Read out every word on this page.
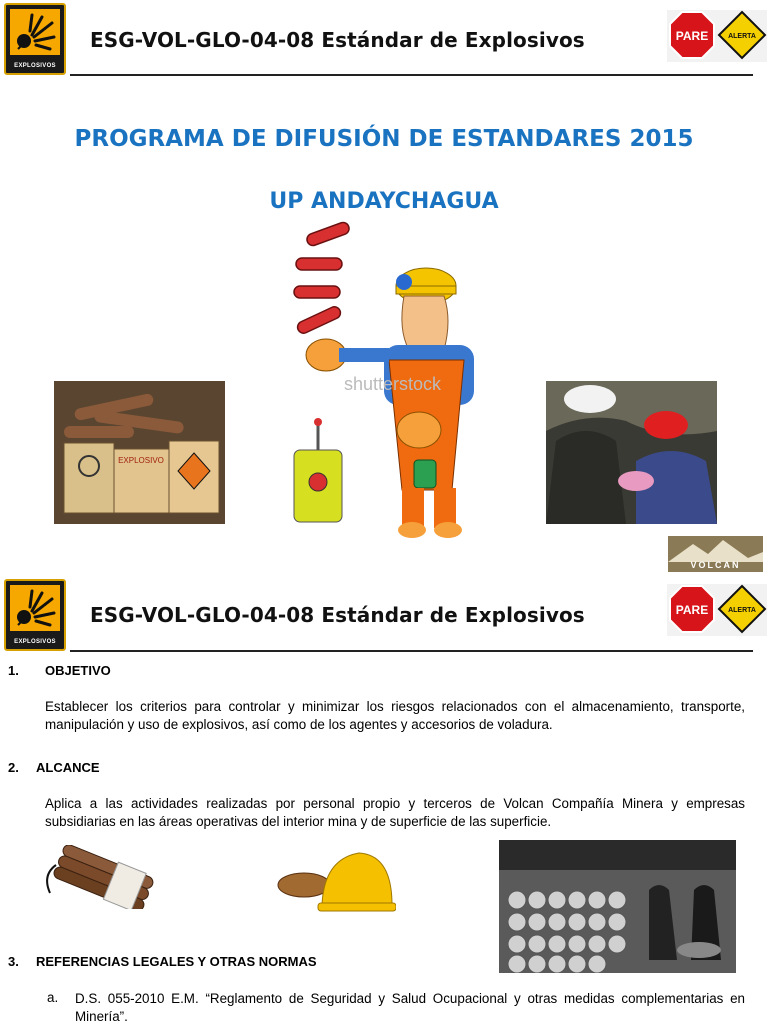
EXPLOSIVOS
ESG-VOL-GLO-04-08 Estándar de Explosivos	PARE	ALERTA
PROGRAMA DE DIFUSIÓN DE ESTANDARES 2015
UP ANDAYCHAGUA
EXPLOSIVO
shutterstock
VOLCAN
EXPLOSIVOS
ESG-VOL-GLO-04-08 Estándar de Explosivos	PARE	ALERTA
1. OBJETIVO
Establecer los criterios para controlar y minimizar los riesgos relacionados con el almacenamiento, transporte, manipulación y uso de explosivos, así como de los agentes y accesorios de voladura.
2. ALCANCE
Aplica a las actividades realizadas por personal propio y terceros de Volcan Compañía Minera y empresas subsidiarias en las áreas operativas del interior mina y de superficie de las superficie.
3. REFERENCIAS LEGALES Y OTRAS NORMAS
a. D.S. 055-2010 E.M. “Reglamento de Seguridad y Salud Ocupacional y otras medidas complementarias en Minería”.
